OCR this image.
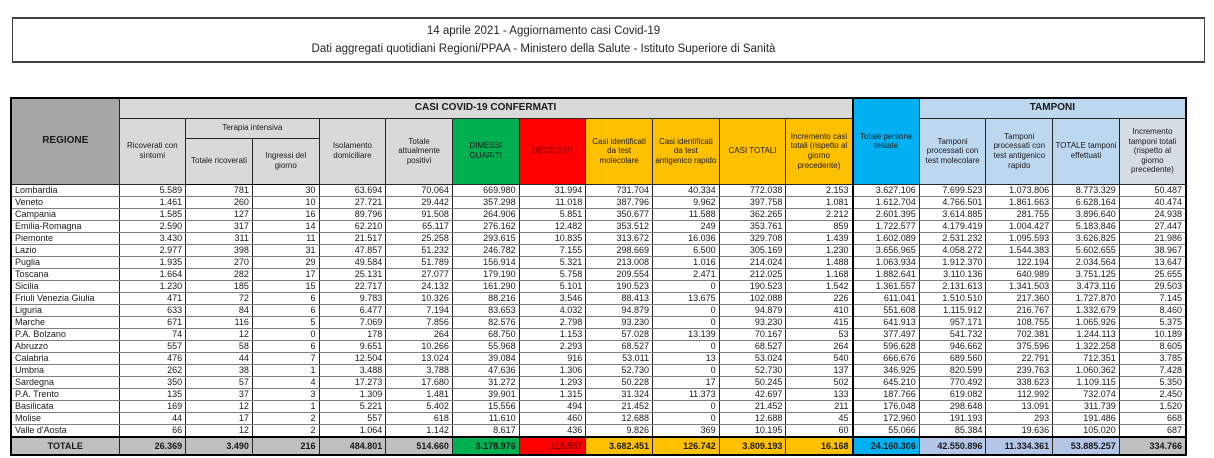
14 aprile 2021 - Aggiornamento casi Covid-19
Dati aggregati quotidiani Regioni/PPAA - Ministero della Salute - Istituto Superiore di Sanità
REGIONE	CASI COVID-19 CONFERMATI											Totale persone testate	TAMPONI			
	Ricoverati con sintomi	Terapia intensiva		Isolamento domiciliare	Totale attualmente positivi	DIMESSI GUARITI	DECEDUTI	Casi identificati da test molecolare	Casi identificati da test antigenico rapido	CASI TOTALI	Incremento casi totali (rispetto al giorno precedente)		Tamponi processati con test molecolare	Tamponi processati con test antigenico rapido	TOTALE tamponi effettuati	Incremento tamponi totali (rispetto al giorno precedente)
		Totale ricoverati	Ingressi del giorno													
Lombardia	5.589	781	30	63.694	70.064	669.980	31.994	731.704	40.334	772.038	2.153	3.627.106	7.699.523	1.073.806	8.773.329	50.487
Veneto	1.461	260	10	27.721	29.442	357.298	11.018	387.796	9.962	397.758	1.081	1.612.704	4.766.501	1.861.663	6.628.164	40.474
Campania	1.585	127	16	89.796	91.508	264.906	5.851	350.677	11.588	362.265	2.212	2.601.395	3.614.885	281.755	3.896.640	24.938
Emilia-Romagna	2.590	317	14	62.210	65.117	276.162	12.482	353.512	249	353.761	859	1.722.577	4.179.419	1.004.427	5.183.846	27.447
Piemonte	3.430	311	11	21.517	25.258	293.615	10.835	313.672	16.036	329.708	1.439	1.602.089	2.531.232	1.095.593	3.626.825	21.986
Lazio	2.977	398	31	47.857	51.232	246.782	7.155	298.669	6.500	305.169	1.230	3.656.965	4.058.272	1.544.383	5.602.655	38.967
Puglia	1.935	270	29	49.584	51.789	156.914	5.321	213.008	1.016	214.024	1.488	1.063.934	1.912.370	122.194	2.034.564	13.647
Toscana	1.664	282	17	25.131	27.077	179.190	5.758	209.554	2.471	212.025	1.168	1.882.641	3.110.136	640.989	3.751.125	25.655
Sicilia	1.230	185	15	22.717	24.132	161.290	5.101	190.523	0	190.523	1.542	1.361.557	2.131.613	1.341.503	3.473.116	29.503
Friuli Venezia Giulia	471	72	6	9.783	10.326	88.216	3.546	88.413	13.675	102.088	226	611.041	1.510.510	217.360	1.727.870	7.145
Liguria	633	84	6	6.477	7.194	83.653	4.032	94.879	0	94.879	410	551.608	1.115.912	216.767	1.332.679	8.460
Marche	671	116	5	7.069	7.856	82.576	2.798	93.230	0	93.230	415	641.913	957.171	108.755	1.065.926	5.375
P.A. Bolzano	74	12	0	178	264	68.750	1.153	57.028	13.139	70.167	53	377.497	541.732	702.381	1.244.113	10.189
Abruzzo	557	58	6	9.651	10.266	55.968	2.293	68.527	0	68.527	264	596.628	946.662	375.596	1.322.258	8.605
Calabria	476	44	7	12.504	13.024	39.084	916	53.011	13	53.024	540	666.676	689.560	22.791	712.351	3.785
Umbria	262	38	1	3.488	3.788	47.636	1.306	52.730	0	52.730	137	346.925	820.599	239.763	1.060.362	7.428
Sardegna	350	57	4	17.273	17.680	31.272	1.293	50.228	17	50.245	502	645.210	770.492	338.623	1.109.115	5.350
P.A. Trento	135	37	3	1.309	1.481	39.901	1.315	31.324	11.373	42.697	133	187.766	619.082	112.992	732.074	2.450
Basilicata	169	12	1	5.221	5.402	15.556	494	21.452	0	21.452	211	176.048	298.648	13.091	311.739	1.520
Molise	44	17	2	557	618	11.610	460	12.688	0	12.688	45	172.960	191.193	293	191.486	668
Valle d'Aosta	66	12	2	1.064	1.142	8.617	436	9.826	369	10.195	60	55.066	85.384	19.636	105.020	687
TOTALE	26.369	3.490	216	484.801	514.660	3.178.976	115.557	3.682.451	126.742	3.809.193	16.168	24.160.306	42.550.896	11.334.361	53.885.257	334.766
